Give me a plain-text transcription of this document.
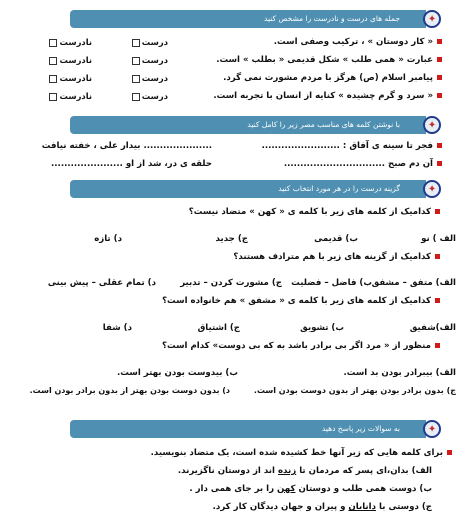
جمله های درست و نادرست را مشخص کنید	✦
« کار دوستان » ، ترکیب وصفی است.
درست
نادرست
عبارت « همی طلب » شکل قدیمی « بطلب » است.
درست
نادرست
پیامبر اسلام (ص) هرگز با مردم مشورت نمی گرد.
درست
نادرست
« سرد و گرم چشیده » کنایه از انسان با تجربه است.
درست
نادرست
با نوشتن کلمه های مناسب مصر زیر را کامل کنید	✦
فجر تا سینه ی آفاق : ........................
..................... بیدار علی ، خفته نیافت
آن دم صبح ...............................
حلقه ی در، شد از او ......................
گزینه درست را در هر مورد انتخاب کنید	✦
کدامیک از کلمه های زیر با کلمه ی « کهن » متضاد نیست؟
الف ) نو
ب) قدیمی
ج) جدید
د) تازه
کدامیک از گزینه های زیر با هم مترادف هستند؟
الف) متفق – مشفق
ب) فاضل – فضلیت
ج) مشورت کردن – تدبیر
د) تمام عقلی – پیش بینی
کدامیک از کلمه های زیر با کلمه ی « مشفق » هم خانواده است؟
الف)شفیق
ب) تشویق
ج) اشتیاق
د) شفا
منظور از « مرد اگر بی برادر باشد به که بی دوست» کدام است؟
الف) بیبرادر بودن بد است.
ب) بیدوست بودن بهتر است.
ج) بدون برادر بودن بهتر از بدون دوست بودن است.
د) بدون دوست بودن بهتر از بدون برادر بودن است.
به سوالات زیر پاسخ دهید	✦
برای کلمه هایی که زیر آنها خط کشیده شده است، یک متضاد بنویسید.
الف) بدان،ای پسر که مردمان تا زنده اند از دوستان ناگزیرند.
ب) دوست همی طلب و دوستان کهن را بر جای همی دار .
ج) دوستی با دانایان و پیران و جهان دیدگان کار کرد.
